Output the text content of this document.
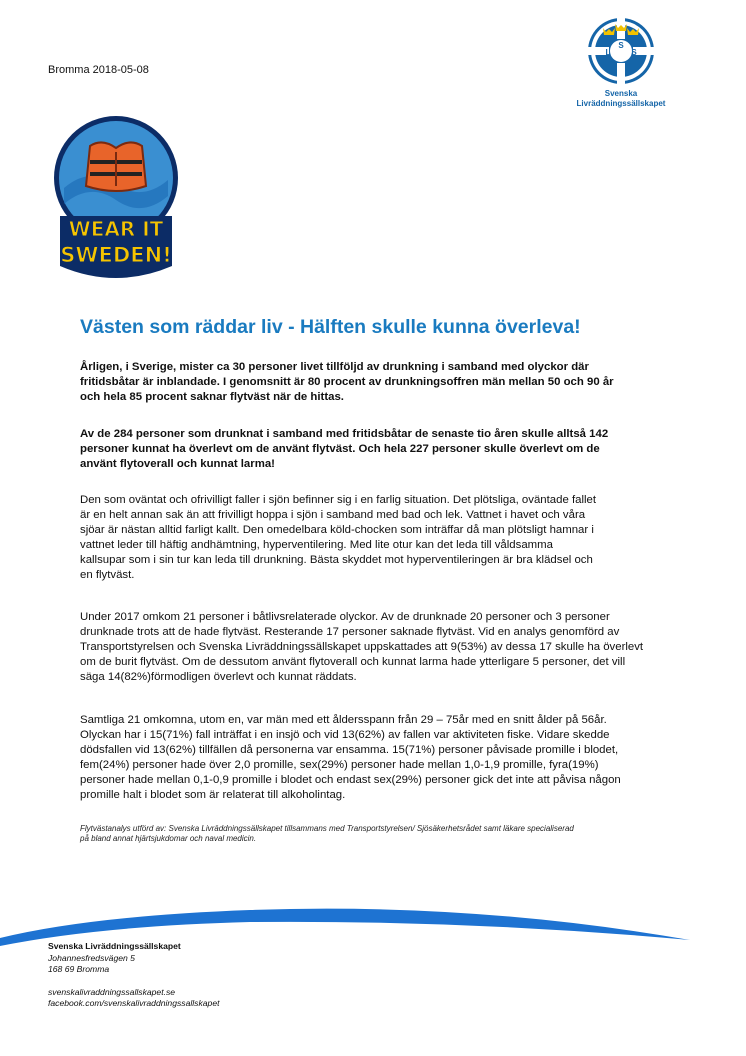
Bromma 2018-05-08
S
L	S
Svenska Livräddningssällskapet
WEAR IT
SWEDEN!
Västen som räddar liv - Hälften skulle kunna överleva!

Årligen, i Sverige, mister ca 30 personer livet tillföljd av drunkning i samband med olyckor där
fritidsbåtar är inblandade. I genomsnitt är 80 procent av drunkningsoffren män mellan 50 och 90 år
och hela 85 procent saknar flytväst när de hittas.

Av de 284 personer som drunknat i samband med fritidsbåtar de senaste tio åren skulle alltså 142
personer kunnat ha överlevt om de använt flytväst. Och hela 227 personer skulle överlevt om de
använt flytoverall och kunnat larma!

Den som oväntat och ofrivilligt faller i sjön befinner sig i en farlig situation. Det plötsliga, oväntade fallet
är en helt annan sak än att frivilligt hoppa i sjön i samband med bad och lek. Vattnet i havet och våra
sjöar är nästan alltid farligt kallt. Den omedelbara köld-chocken som inträffar då man plötsligt hamnar i
vattnet leder till häftig andhämtning, hyperventilering. Med lite otur kan det leda till våldsamma
kallsupar som i sin tur kan leda till drunkning. Bästa skyddet mot hyperventileringen är bra klädsel och
en flytväst.

Under 2017 omkom 21 personer i båtlivsrelaterade olyckor. Av de drunknade 20 personer och 3 personer
drunknade trots att de hade flytväst. Resterande 17 personer saknade flytväst. Vid en analys genomförd av
Transportstyrelsen och Svenska Livräddningssällskapet uppskattades att 9(53%) av dessa 17 skulle ha överlevt
om de burit flytväst. Om de dessutom använt flytoverall och kunnat larma hade ytterligare 5 personer, det vill
säga 14(82%)förmodligen överlevt och kunnat räddats.

Samtliga 21 omkomna, utom en, var män med ett åldersspann från 29 – 75år med en snitt ålder på 56år.
Olyckan har i 15(71%) fall inträffat i en insjö och vid 13(62%) av fallen var aktiviteten fiske. Vidare skedde
dödsfallen vid 13(62%) tillfällen då personerna var ensamma. 15(71%) personer påvisade promille i blodet,
fem(24%) personer hade över 2,0 promille, sex(29%) personer hade mellan 1,0-1,9 promille, fyra(19%)
personer hade mellan 0,1-0,9 promille i blodet och endast sex(29%) personer gick det inte att påvisa någon
promille halt i blodet som är relaterat till alkoholintag.

Flytvästanalys utförd av: Svenska Livräddningssällskapet tillsammans med Transportstyrelsen/ Sjösäkerhetsrådet samt läkare specialiserad
på bland annat hjärtsjukdomar och naval medicin.
Svenska Livräddningssällskapet
Johannesfredsvägen 5
168 69 Bromma
svenskalivraddningssallskapet.se
facebook.com/svenskalivraddningssallskapet
